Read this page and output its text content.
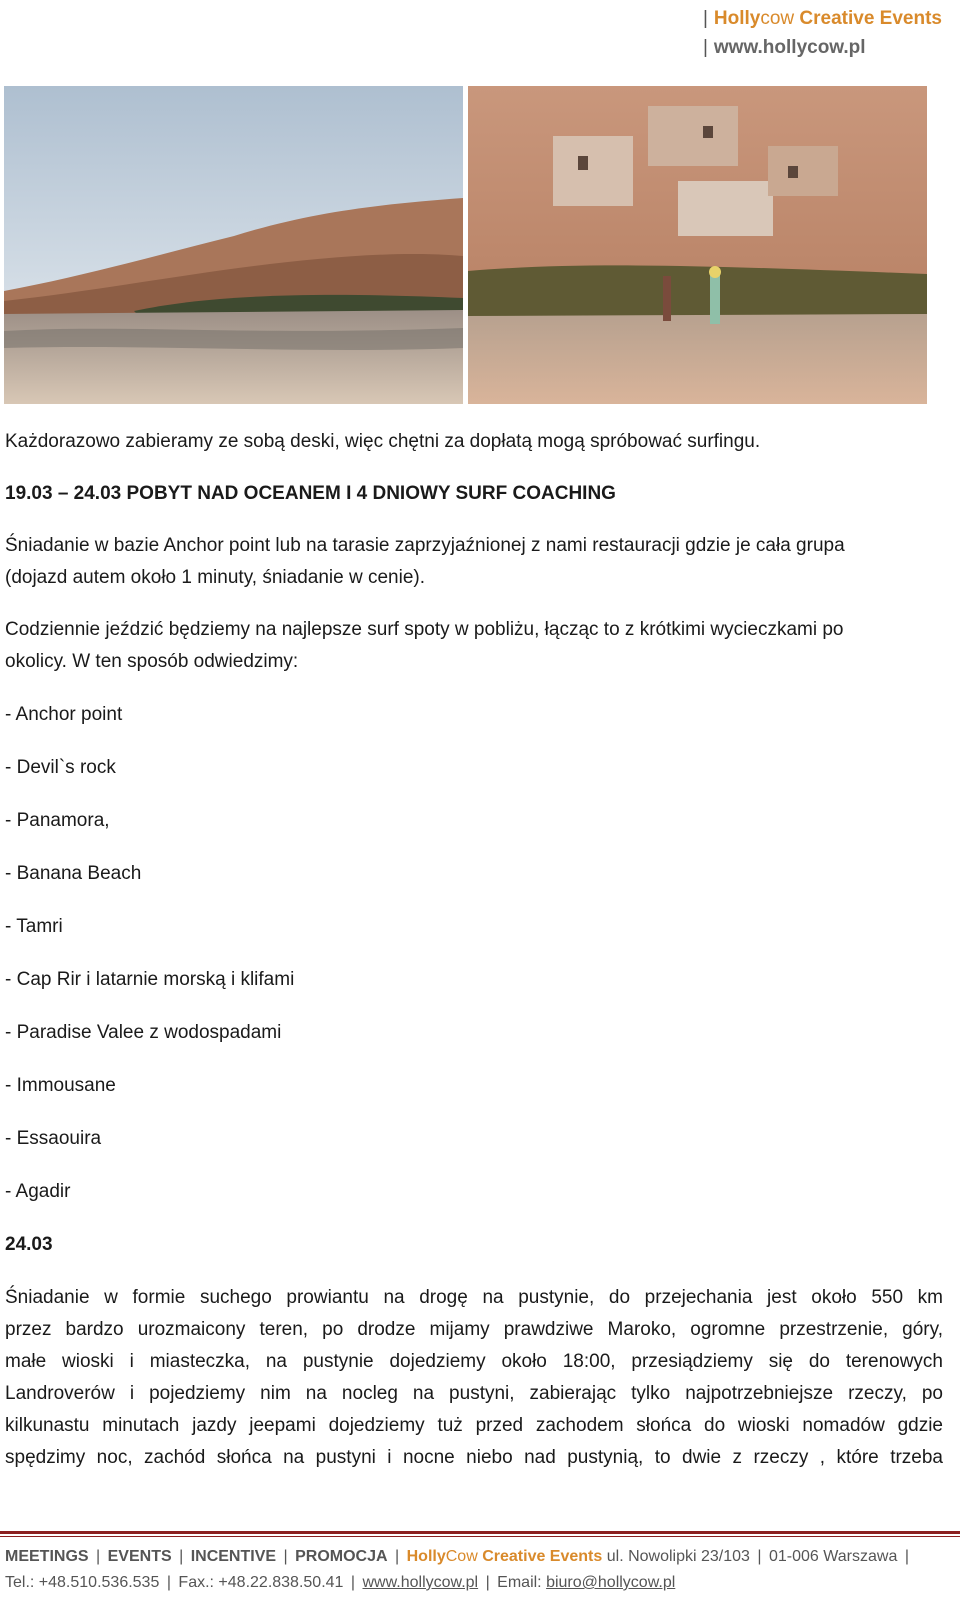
| Hollycow Creative Events
| www.hollycow.pl

Każdorazowo zabieramy ze sobą deski, więc chętni za dopłatą mogą spróbować surfingu.

19.03 – 24.03 POBYT NAD OCEANEM I 4 DNIOWY SURF COACHING

Śniadanie w bazie Anchor point lub na tarasie zaprzyjaźnionej z nami restauracji gdzie je cała grupa

(dojazd autem około 1 minuty, śniadanie w cenie).

Codziennie jeździć będziemy na najlepsze surf spoty w pobliżu, łącząc to z krótkimi wycieczkami po

okolicy. W ten sposób odwiedzimy:

- Anchor point

- Devil`s rock

- Panamora,

- Banana Beach

- Tamri

- Cap Rir i latarnie morską i klifami

- Paradise Valee z wodospadami

- Immousane

- Essaouira

- Agadir

24.03

Śniadanie w formie suchego prowiantu na drogę na pustynie, do przejechania jest około 550 km

przez bardzo urozmaicony teren, po drodze mijamy prawdziwe Maroko, ogromne przestrzenie, góry,

małe wioski i miasteczka, na pustynie dojedziemy około 18:00, przesiądziemy się do terenowych

Landroverów i pojedziemy nim na nocleg na pustyni, zabierając tylko najpotrzebniejsze rzeczy, po

kilkunastu minutach jazdy jeepami dojedziemy tuż przed zachodem słońca do wioski nomadów gdzie

spędzimy noc, zachód słońca na pustyni i nocne niebo nad pustynią, to dwie z rzeczy , które trzeba

MEETINGS | EVENTS | INCENTIVE | PROMOCJA | HollyCow Creative Events ul. Nowolipki 23/103 | 01-006 Warszawa |
Tel.: +48.510.536.535 | Fax.: +48.22.838.50.41 | www.hollycow.pl | Email: biuro@hollycow.pl
